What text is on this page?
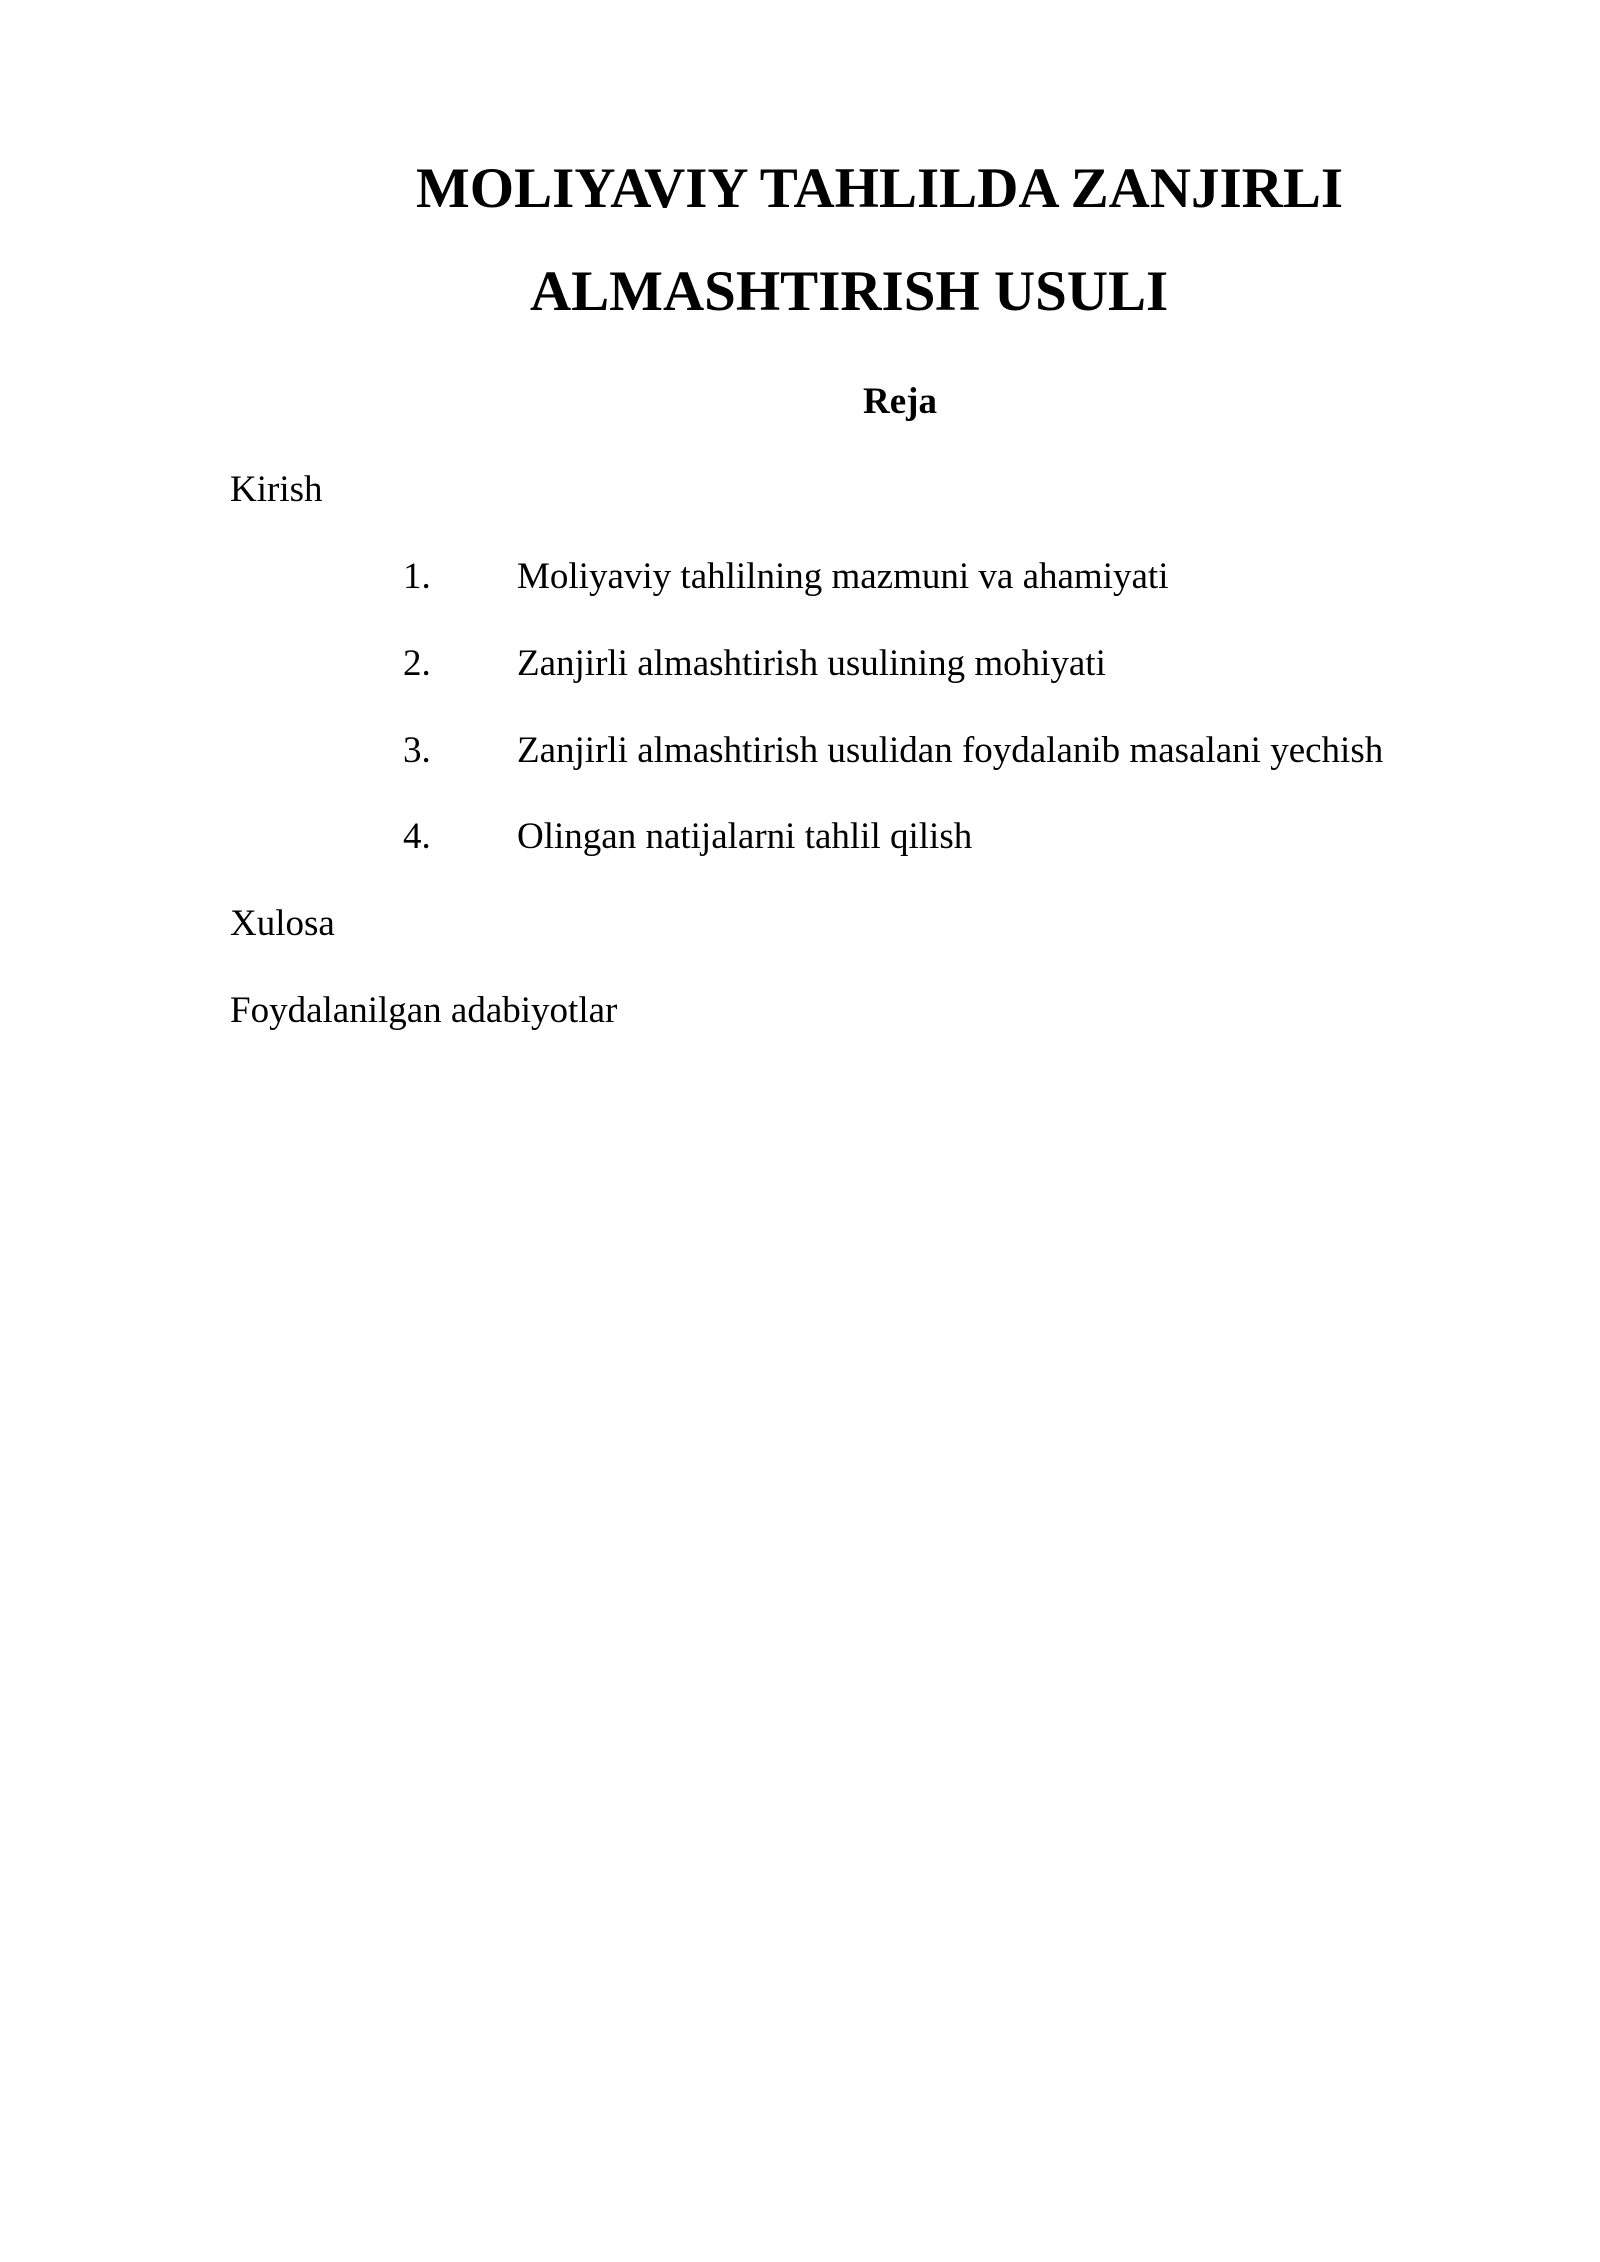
MOLIYAVIY TAHLILDA ZANJIRLI
ALMASHTIRISH USULI
Reja
Kirish
1. Moliyaviy tahlilning mazmuni va ahamiyati
2. Zanjirli almashtirish usulining mohiyati
3. Zanjirli almashtirish usulidan foydalanib masalani yechish
4. Olingan natijalarni tahlil qilish
Xulosa
Foydalanilgan adabiyotlar
